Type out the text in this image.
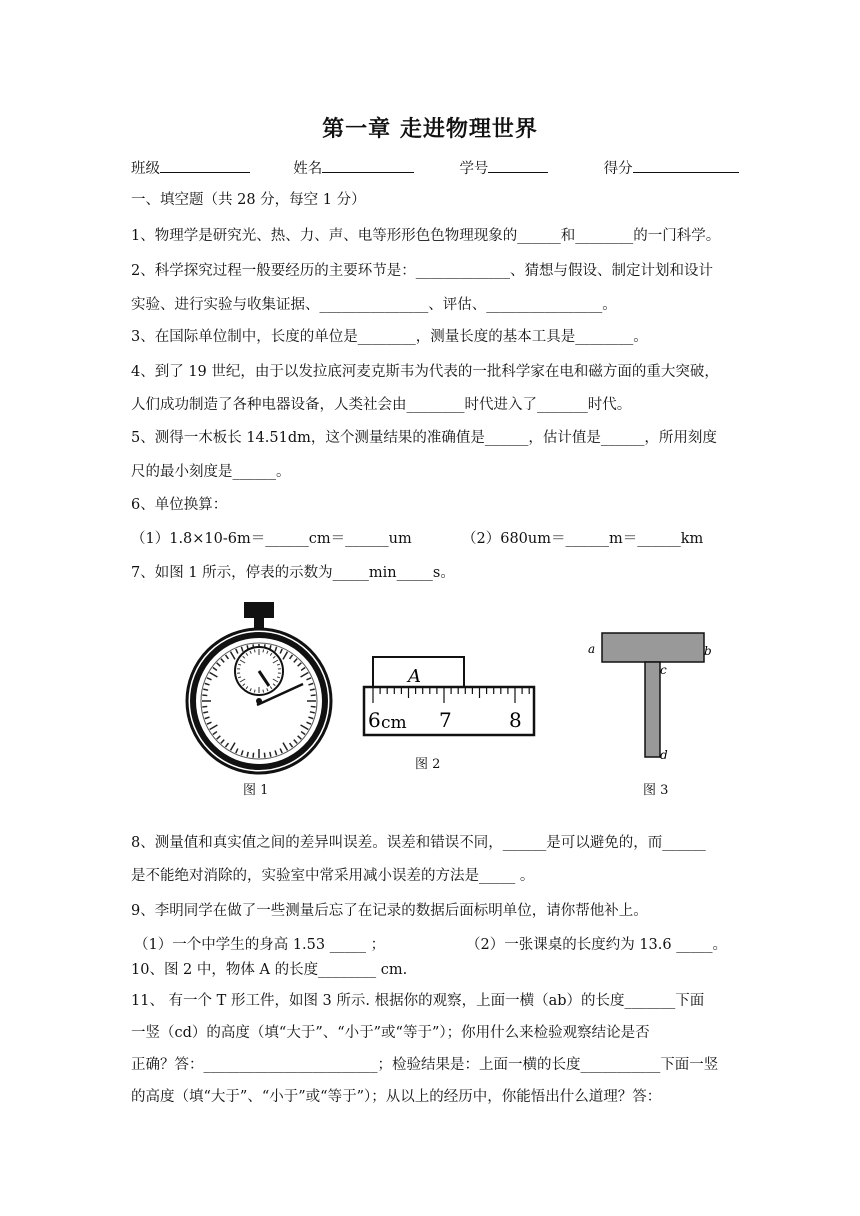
第一章 走进物理世界
班级	姓名	学号	得分
一、填空题（共 28 分，每空 1 分）
1、物理学是研究光、热、力、声、电等形形色色物理现象的______和________的一门科学。
2、科学探究过程一般要经历的主要环节是：_____________、猜想与假设、制定计划和设计
实验、进行实验与收集证据、_______________、评估、________________。
3、在国际单位制中，长度的单位是________，测量长度的基本工具是________。
4、到了 19 世纪，由于以发拉底河麦克斯韦为代表的一批科学家在电和磁方面的重大突破，
人们成功制造了各种电器设备，人类社会由________时代进入了_______时代。
5、测得一木板长 14.51dm，这个测量结果的准确值是______，估计值是______，所用刻度
尺的最小刻度是______。
6、单位换算：
（1）1.8×10-6m＝______cm＝______um	（2）680um＝______m＝______km
7、如图 1 所示，停表的示数为_____min_____s。
图 1
A
6 cm 7	8
图 2
a	b
c
d
图 3
8、测量值和真实值之间的差异叫误差。误差和错误不同，______是可以避免的，而______
是不能绝对消除的，实验室中常采用减小误差的方法是_____ 。
9、李明同学在做了一些测量后忘了在记录的数据后面标明单位，请你帮他补上。
（1）一个中学生的身高 1.53 _____ ；	（2）一张课桌的长度约为 13.6 _____。
10、图 2 中，物体 A 的长度________ cm.
11、 有一个 T 形工件，如图 3 所示. 根据你的观察，上面一横（ab）的长度_______下面
一竖（cd）的高度（填“大于”、“小于”或“等于”）；你用什么来检验观察结论是否
正确？答：________________________；检验结果是：上面一横的长度___________下面一竖
的高度（填“大于”、“小于”或“等于”）；从以上的经历中，你能悟出什么道理？答：
